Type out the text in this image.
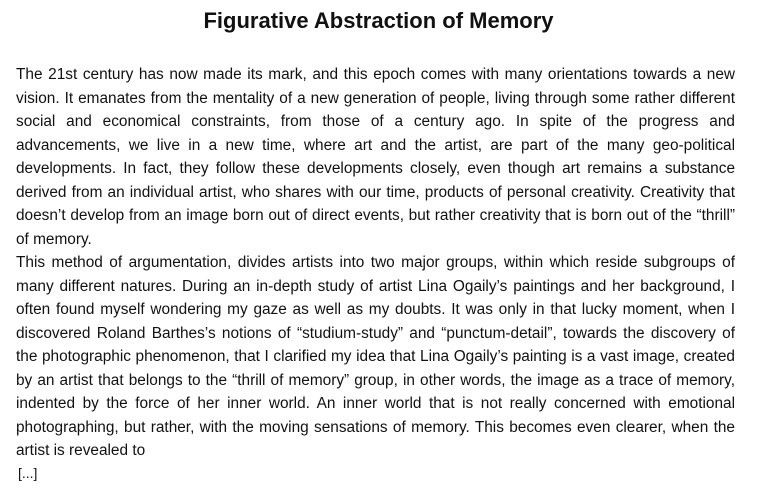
Figurative Abstraction of Memory

The 21st century has now made its mark, and this epoch comes with many orientations towards a new vision. It emanates from the mentality of a new generation of people, living through some rather different social and economical constraints, from those of a century ago. In spite of the progress and advancements, we live in a new time, where art and the artist, are part of the many geo-political developments. In fact, they follow these developments closely, even though art remains a substance derived from an individual artist, who shares with our time, products of personal creativity. Creativity that doesn’t develop from an image born out of direct events, but rather creativity that is born out of the “thrill” of memory.

This method of argumentation, divides artists into two major groups, within which reside subgroups of many different natures. During an in-depth study of artist Lina Ogaily’s paintings and her background, I often found myself wondering my gaze as well as my doubts. It was only in that lucky moment, when I discovered Roland Barthes’s notions of “studium-study” and “punctum-detail”, towards the discovery of the photographic phenomenon, that I clarified my idea that Lina Ogaily’s painting is a vast image, created by an artist that belongs to the “thrill of memory” group, in other words, the image as a trace of memory, indented by the force of her inner world. An inner world that is not really concerned with emotional photographing, but rather, with the moving sensations of memory. This becomes even clearer, when the artist is revealed to

[...]
